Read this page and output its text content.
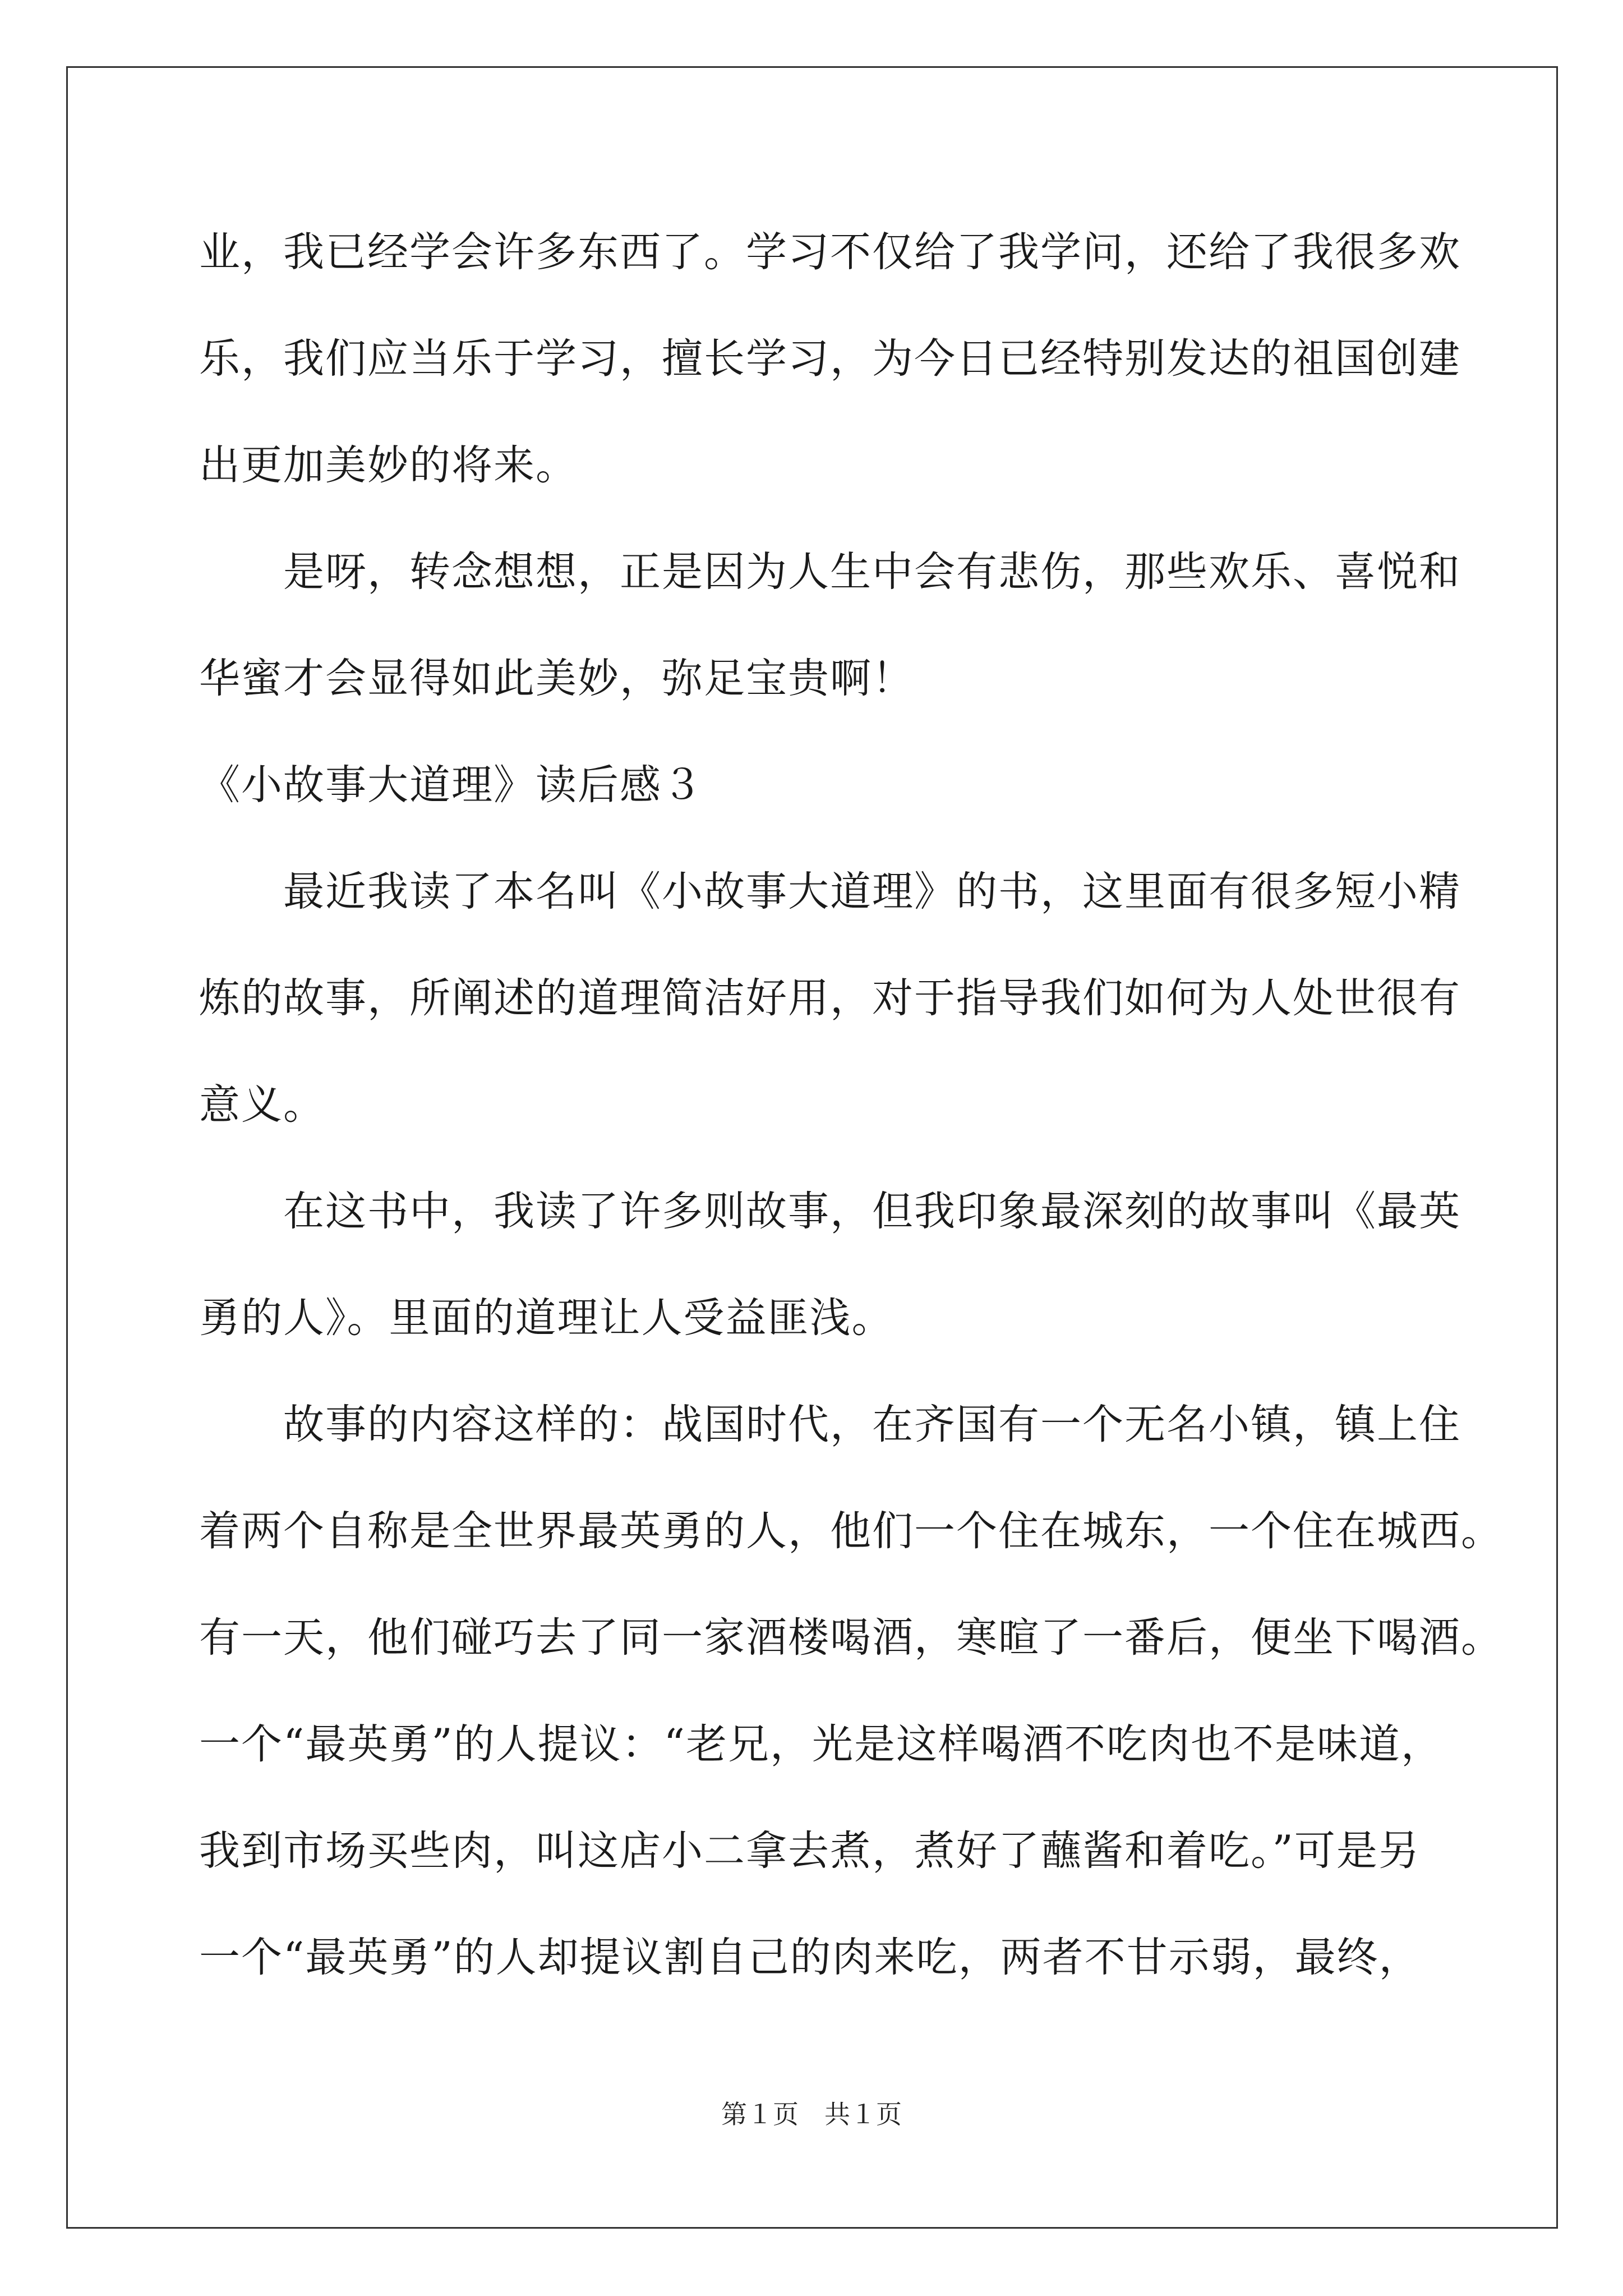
业，我已经学会许多东西了。学习不仅给了我学问，还给了我很多欢
乐，我们应当乐于学习，擅长学习，为今日已经特别发达的祖国创建
出更加美妙的将来。
　　是呀，转念想想，正是因为人生中会有悲伤，那些欢乐、喜悦和
华蜜才会显得如此美妙，弥足宝贵啊！
《小故事大道理》读后感３
　　最近我读了本名叫《小故事大道理》的书，这里面有很多短小精
炼的故事，所阐述的道理简洁好用，对于指导我们如何为人处世很有
意义。
　　在这书中，我读了许多则故事，但我印象最深刻的故事叫《最英
勇的人》。里面的道理让人受益匪浅。
　　故事的内容这样的：战国时代，在齐国有一个无名小镇，镇上住
着两个自称是全世界最英勇的人，他们一个住在城东，一个住在城西。
有一天，他们碰巧去了同一家酒楼喝酒，寒暄了一番后，便坐下喝酒。
一个“最英勇”的人提议：“老兄，光是这样喝酒不吃肉也不是味道，
我到市场买些肉，叫这店小二拿去煮，煮好了蘸酱和着吃。”可是另
一个“最英勇”的人却提议割自己的肉来吃，两者不甘示弱，最终，
第１页　共１页
